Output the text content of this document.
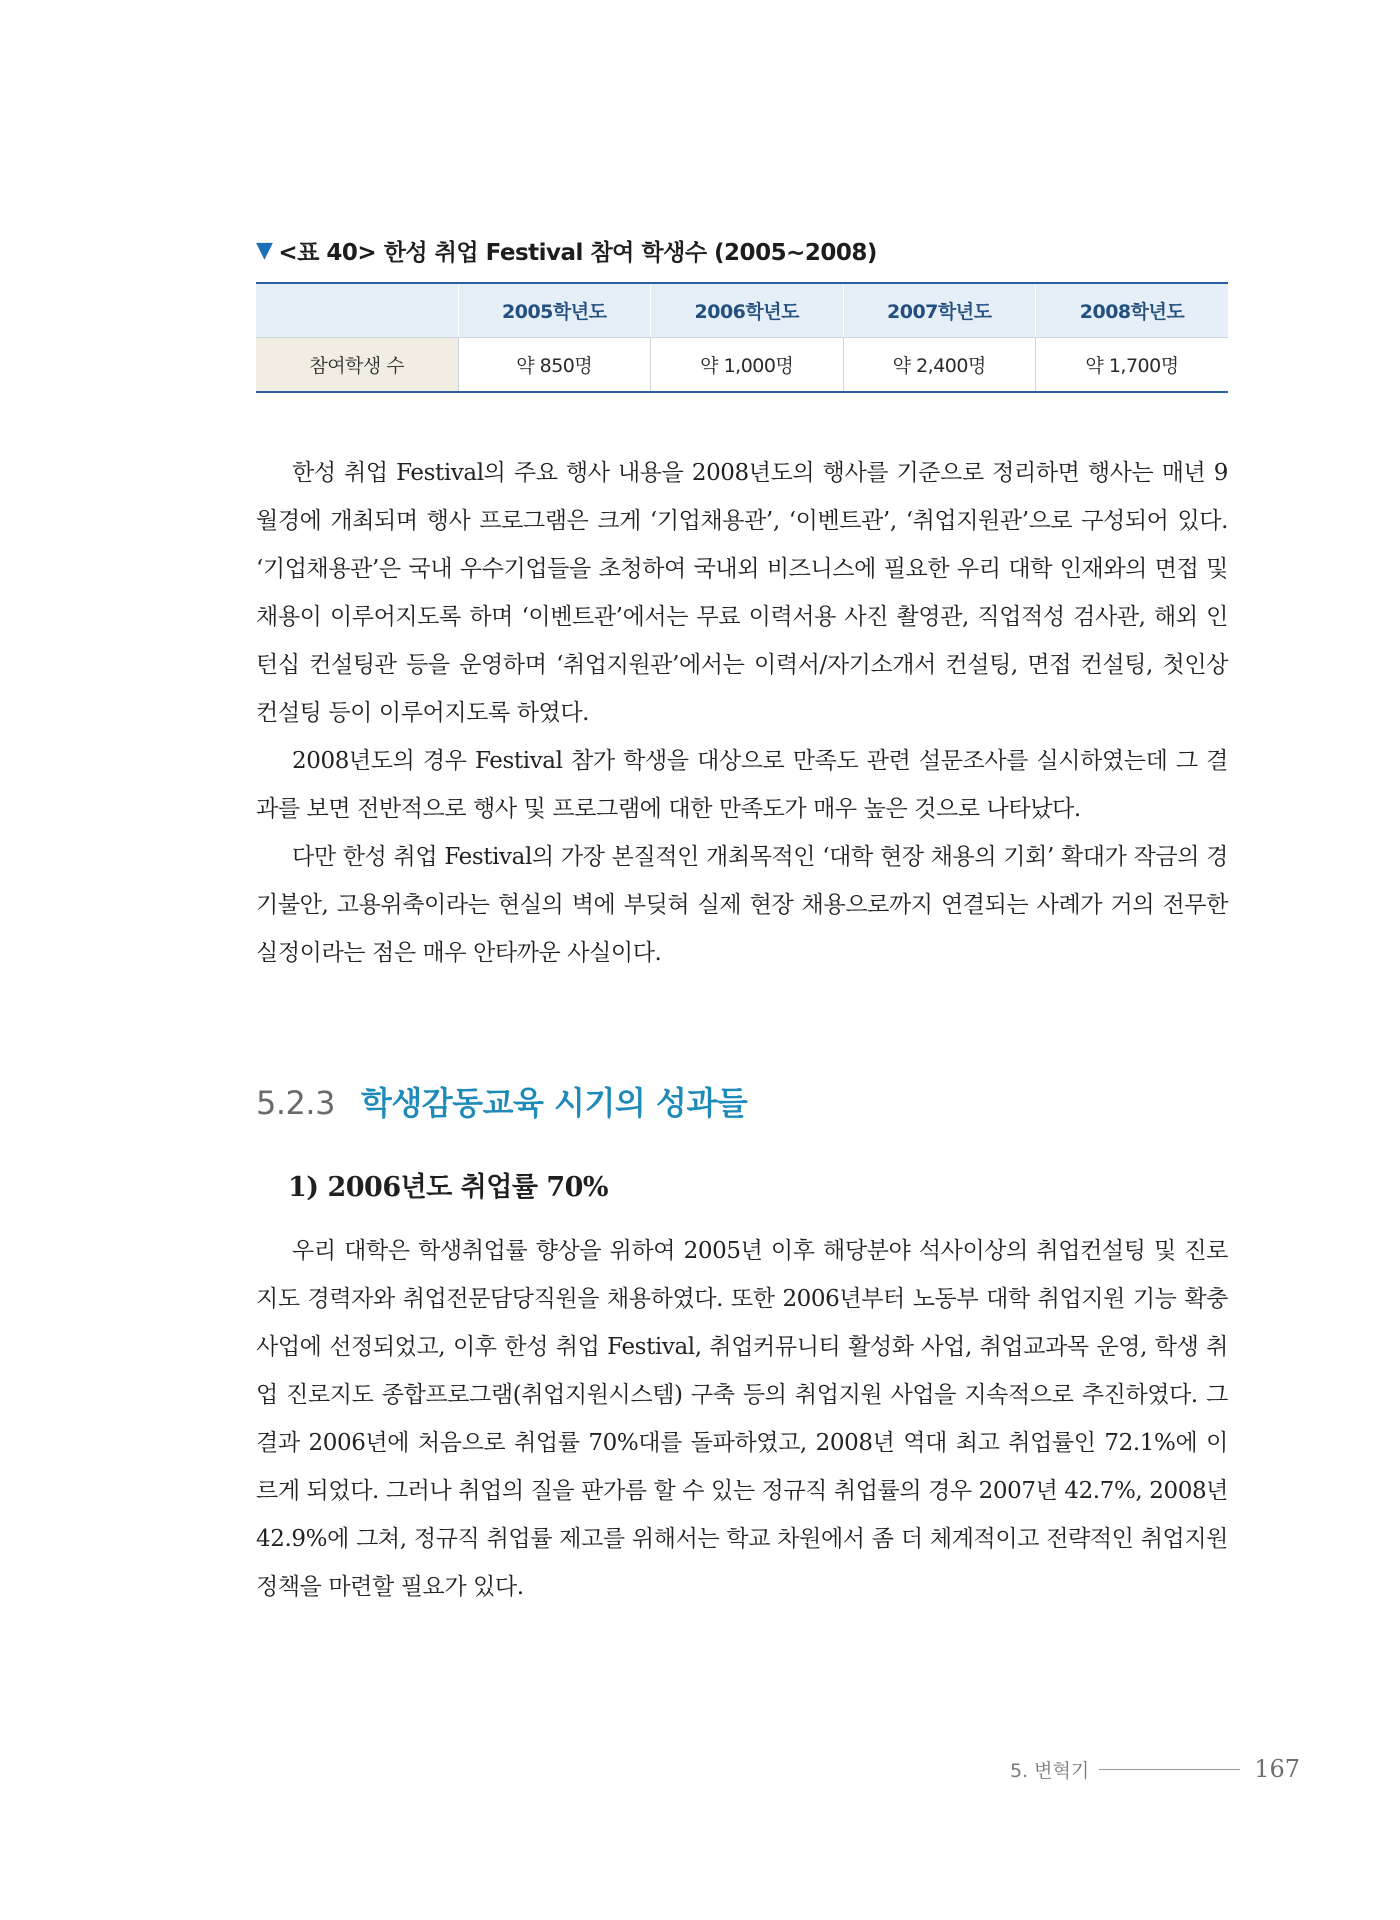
▼ <표 40> 한성 취업 Festival 참여 학생수 (2005~2008)
	2005학년도	2006학년도	2007학년도	2008학년도
참여학생 수	약 850명	약 1,000명	약 2,400명	약 1,700명

한성 취업 Festival의 주요 행사 내용을 2008년도의 행사를 기준으로 정리하면 행사는 매년 9월경에 개최되며 행사 프로그램은 크게 ‘기업채용관’, ‘이벤트관’, ‘취업지원관’으로 구성되어 있다. ‘기업채용관’은 국내 우수기업들을 초청하여 국내외 비즈니스에 필요한 우리 대학 인재와의 면접 및 채용이 이루어지도록 하며 ‘이벤트관’에서는 무료 이력서용 사진 촬영관, 직업적성 검사관, 해외 인턴십 컨설팅관 등을 운영하며 ‘취업지원관’에서는 이력서/자기소개서 컨설팅, 면접 컨설팅, 첫인상 컨설팅 등이 이루어지도록 하였다.

2008년도의 경우 Festival 참가 학생을 대상으로 만족도 관련 설문조사를 실시하였는데 그 결과를 보면 전반적으로 행사 및 프로그램에 대한 만족도가 매우 높은 것으로 나타났다.

다만 한성 취업 Festival의 가장 본질적인 개최목적인 ‘대학 현장 채용의 기회’ 확대가 작금의 경기불안, 고용위축이라는 현실의 벽에 부딪혀 실제 현장 채용으로까지 연결되는 사례가 거의 전무한 실정이라는 점은 매우 안타까운 사실이다.

5.2.3 학생감동교육 시기의 성과들
1) 2006년도 취업률 70%

우리 대학은 학생취업률 향상을 위하여 2005년 이후 해당분야 석사이상의 취업컨설팅 및 진로지도 경력자와 취업전문담당직원을 채용하였다. 또한 2006년부터 노동부 대학 취업지원 기능 확충사업에 선정되었고, 이후 한성 취업 Festival, 취업커뮤니티 활성화 사업, 취업교과목 운영, 학생 취업 진로지도 종합프로그램(취업지원시스템) 구축 등의 취업지원 사업을 지속적으로 추진하였다. 그 결과 2006년에 처음으로 취업률 70%대를 돌파하였고, 2008년 역대 최고 취업률인 72.1%에 이르게 되었다. 그러나 취업의 질을 판가름 할 수 있는 정규직 취업률의 경우 2007년 42.7%, 2008년 42.9%에 그쳐, 정규직 취업률 제고를 위해서는 학교 차원에서 좀 더 체계적이고 전략적인 취업지원 정책을 마련할 필요가 있다.

5. 변혁기	167
